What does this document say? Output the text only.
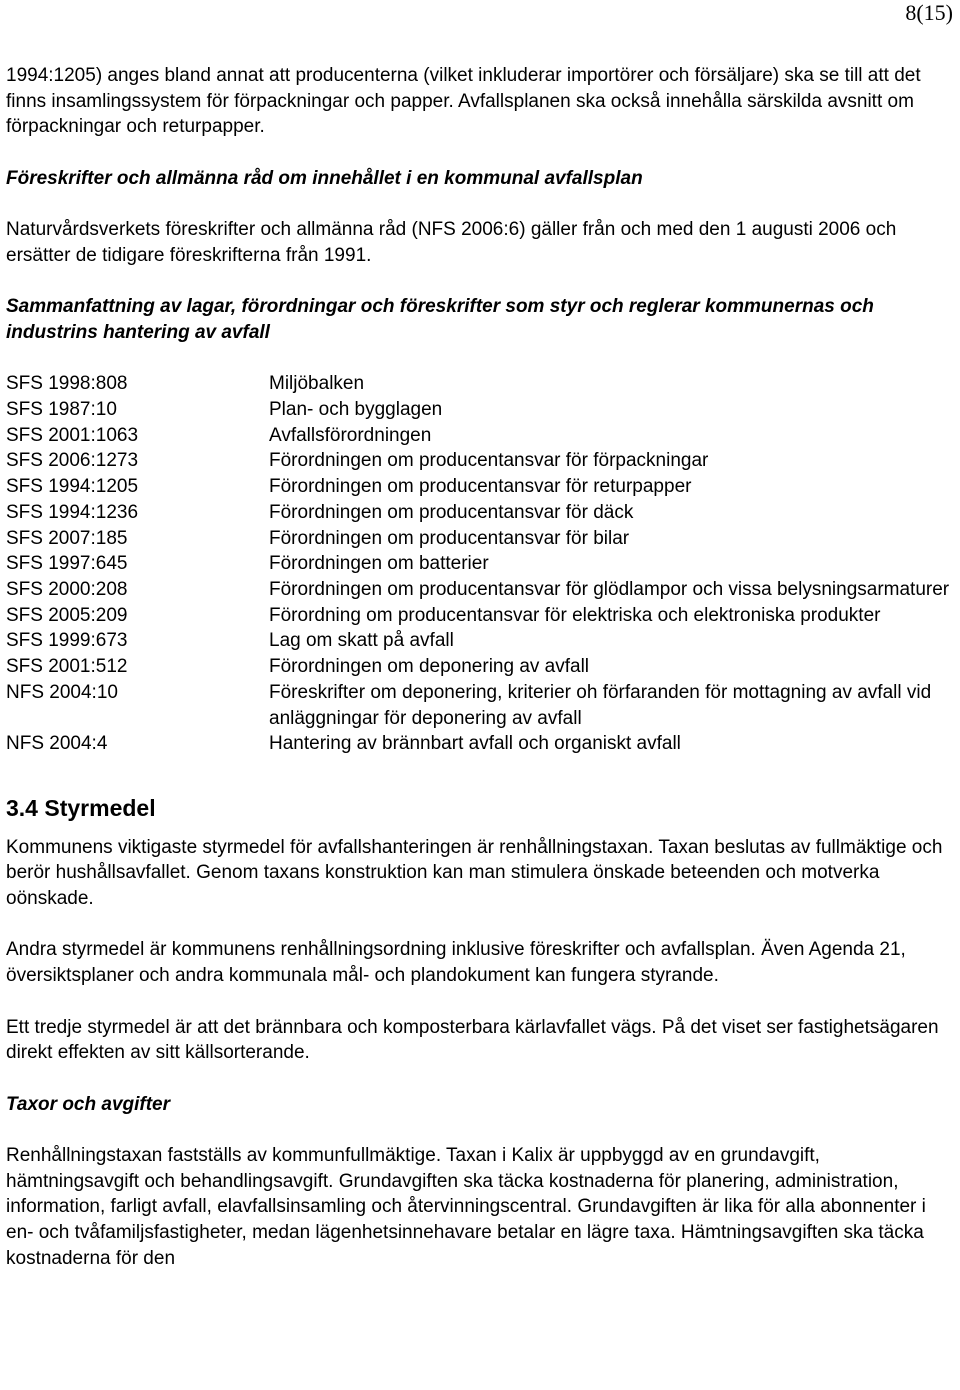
8(15)

1994:1205) anges bland annat att producenterna (vilket inkluderar importörer och försäljare) ska se till att det finns insamlingssystem för förpackningar och papper. Avfallsplanen ska också innehålla särskilda avsnitt om förpackningar och returpapper.

Föreskrifter och allmänna råd om innehållet i en kommunal avfallsplan

Naturvårdsverkets föreskrifter och allmänna råd (NFS 2006:6) gäller från och med den 1 augusti 2006 och ersätter de tidigare föreskrifterna från 1991.

Sammanfattning av lagar, förordningar och föreskrifter som styr och reglerar kommunernas och industrins hantering av avfall

SFS 1998:808	Miljöbalken
SFS 1987:10	Plan- och bygglagen
SFS 2001:1063	Avfallsförordningen
SFS 2006:1273	Förordningen om producentansvar för förpackningar
SFS 1994:1205	Förordningen om producentansvar för returpapper
SFS 1994:1236	Förordningen om producentansvar för däck
SFS 2007:185	Förordningen om producentansvar för bilar
SFS 1997:645	Förordningen om batterier
SFS 2000:208	Förordningen om producentansvar för glödlampor och vissa belysningsarmaturer
SFS 2005:209	Förordning om producentansvar för elektriska och elektroniska produkter
SFS 1999:673	Lag om skatt på avfall
SFS 2001:512	Förordningen om deponering av avfall
NFS 2004:10	Föreskrifter om deponering, kriterier oh förfaranden för mottagning av avfall vid anläggningar för deponering av avfall
NFS 2004:4	Hantering av brännbart avfall och organiskt avfall

3.4 Styrmedel

Kommunens viktigaste styrmedel för avfallshanteringen är renhållningstaxan. Taxan beslutas av fullmäktige och berör hushållsavfallet. Genom taxans konstruktion kan man stimulera önskade beteenden och motverka oönskade.

Andra styrmedel är kommunens renhållningsordning inklusive föreskrifter och avfallsplan. Även Agenda 21, översiktsplaner och andra kommunala mål- och plandokument kan fungera styrande.

Ett tredje styrmedel är att det brännbara och komposterbara kärlavfallet vägs. På det viset ser fastighetsägaren direkt effekten av sitt källsorterande.

Taxor och avgifter

Renhållningstaxan fastställs av kommunfullmäktige. Taxan i Kalix är uppbyggd av en grundavgift, hämtningsavgift och behandlingsavgift. Grundavgiften ska täcka kostnaderna för planering, administration, information, farligt avfall, elavfallsinsamling och återvinningscentral. Grundavgiften är lika för alla abonnenter i en- och tvåfamiljsfastigheter, medan lägenhetsinnehavare betalar en lägre taxa. Hämtningsavgiften ska täcka kostnaderna för den
